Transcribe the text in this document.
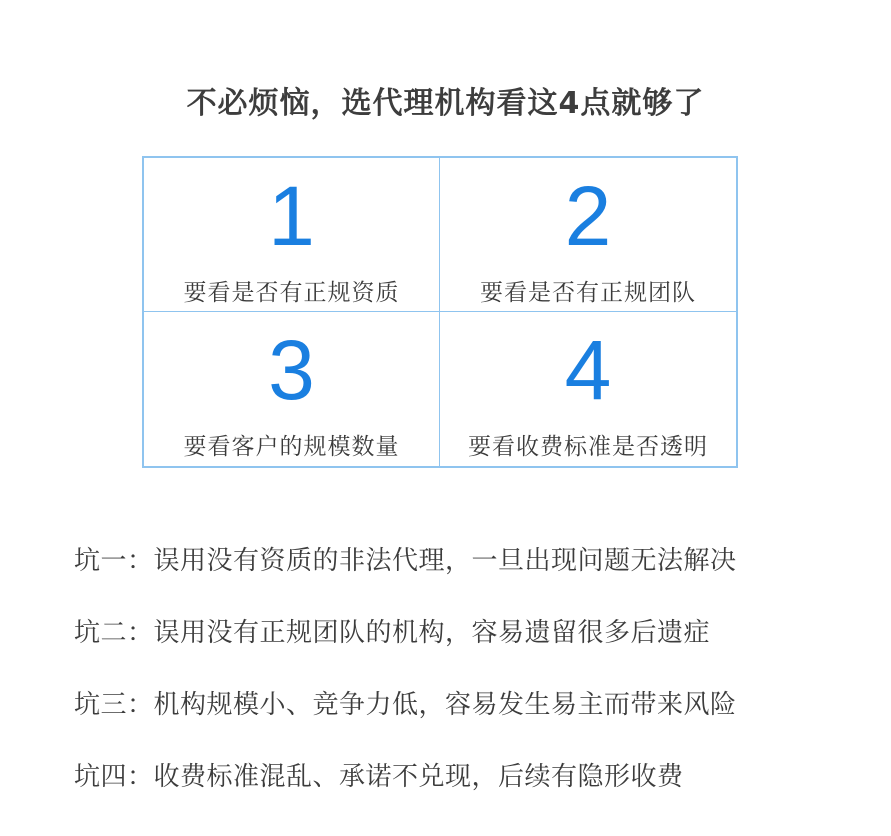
不必烦恼，选代理机构看这4点就够了
1
要看是否有正规资质
2
要看是否有正规团队
3
要看客户的规模数量
4
要看收费标准是否透明
坑一：误用没有资质的非法代理，一旦出现问题无法解决
坑二：误用没有正规团队的机构，容易遗留很多后遗症
坑三：机构规模小、竞争力低，容易发生易主而带来风险
坑四：收费标准混乱、承诺不兑现，后续有隐形收费
